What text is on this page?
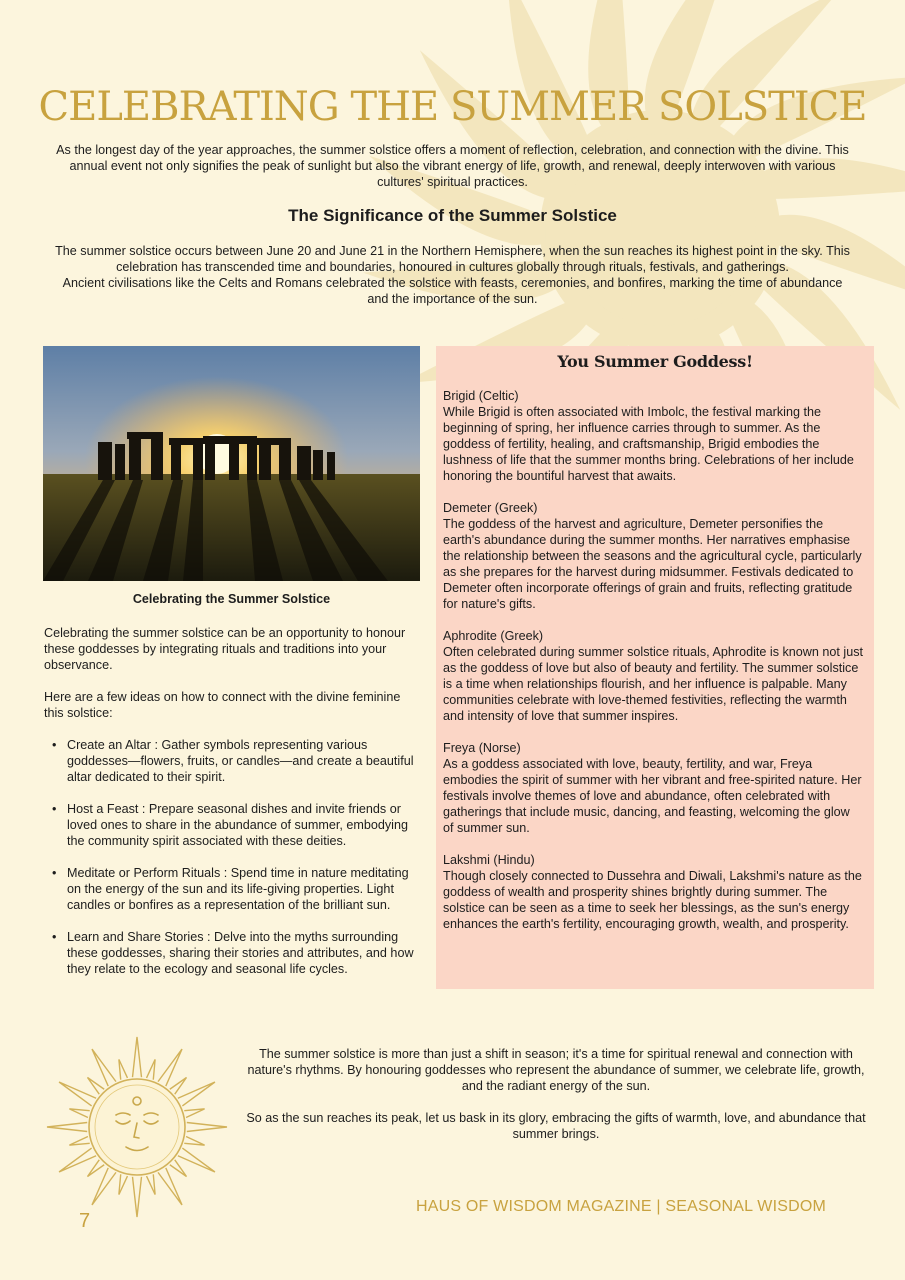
CELEBRATING THE SUMMER SOLSTICE

As the longest day of the year approaches, the summer solstice offers a moment of reflection, celebration, and connection with the divine. This annual event not only signifies the peak of sunlight but also the vibrant energy of life, growth, and renewal, deeply interwoven with various cultures' spiritual practices.

The Significance of the Summer Solstice

The summer solstice occurs between June 20 and June 21 in the Northern Hemisphere, when the sun reaches its highest point in the sky. This celebration has transcended time and boundaries, honoured in cultures globally through rituals, festivals, and gatherings.

Ancient civilisations like the Celts and Romans celebrated the solstice with feasts, ceremonies, and bonfires, marking the time of abundance and the importance of the sun.

Celebrating the Summer Solstice

Celebrating the summer solstice can be an opportunity to honour these goddesses by integrating rituals and traditions into your observance.

Here are a few ideas on how to connect with the divine feminine this solstice:

• Create an Altar : Gather symbols representing various goddesses—flowers, fruits, or candles—and create a beautiful altar dedicated to their spirit.
• Host a Feast : Prepare seasonal dishes and invite friends or loved ones to share in the abundance of summer, embodying the community spirit associated with these deities.
• Meditate or Perform Rituals : Spend time in nature meditating on the energy of the sun and its life-giving properties. Light candles or bonfires as a representation of the brilliant sun.
• Learn and Share Stories : Delve into the myths surrounding these goddesses, sharing their stories and attributes, and how they relate to the ecology and seasonal life cycles.
You Summer Goddess!
Brigid (Celtic)
While Brigid is often associated with Imbolc, the festival marking the beginning of spring, her influence carries through to summer. As the goddess of fertility, healing, and craftsmanship, Brigid embodies the lushness of life that the summer months bring. Celebrations of her include honoring the bountiful harvest that awaits.
Demeter (Greek)
The goddess of the harvest and agriculture, Demeter personifies the earth's abundance during the summer months. Her narratives emphasise the relationship between the seasons and the agricultural cycle, particularly as she prepares for the harvest during midsummer. Festivals dedicated to Demeter often incorporate offerings of grain and fruits, reflecting gratitude for nature's gifts.
Aphrodite (Greek)
Often celebrated during summer solstice rituals, Aphrodite is known not just as the goddess of love but also of beauty and fertility. The summer solstice is a time when relationships flourish, and her influence is palpable. Many communities celebrate with love-themed festivities, reflecting the warmth and intensity of love that summer inspires.
Freya (Norse)
As a goddess associated with love, beauty, fertility, and war, Freya embodies the spirit of summer with her vibrant and free-spirited nature. Her festivals involve themes of love and abundance, often celebrated with gatherings that include music, dancing, and feasting, welcoming the glow of summer sun.
Lakshmi (Hindu)
Though closely connected to Dussehra and Diwali, Lakshmi's nature as the goddess of wealth and prosperity shines brightly during summer. The solstice can be seen as a time to seek her blessings, as the sun's energy enhances the earth's fertility, encouraging growth, wealth, and prosperity.

The summer solstice is more than just a shift in season; it's a time for spiritual renewal and connection with nature's rhythms. By honouring goddesses who represent the abundance of summer, we celebrate life, growth, and the radiant energy of the sun.

So as the sun reaches its peak, let us bask in its glory, embracing the gifts of warmth, love, and abundance that summer brings.

7
HAUS OF WISDOM MAGAZINE | SEASONAL WISDOM
